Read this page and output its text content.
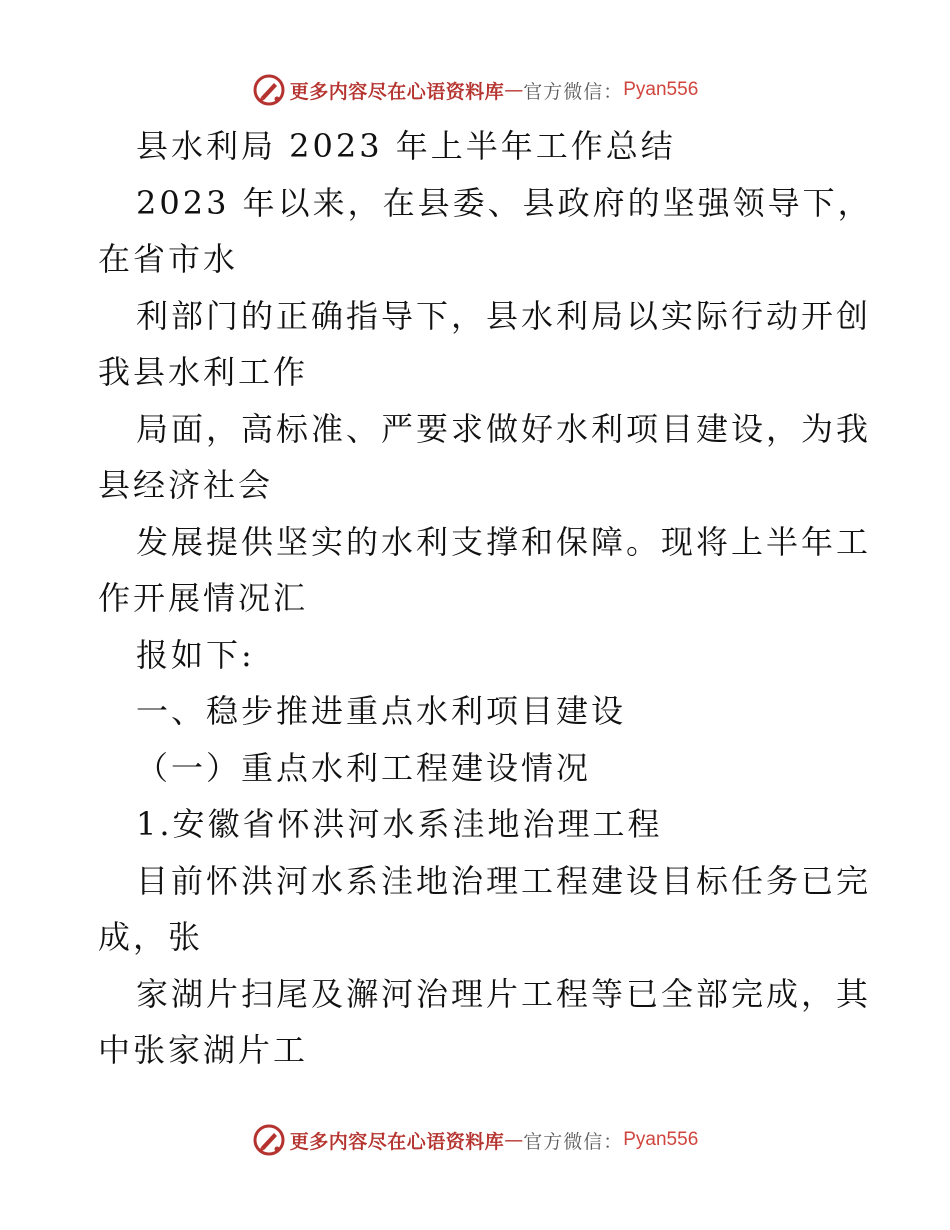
更多内容尽在心语资料库 — 官方微信： Pyan556
县水利局 2023 年上半年工作总结
2023 年以来，在县委、县政府的坚强领导下，
在省市水
利部门的正确指导下，县水利局以实际行动开创
我县水利工作
局面，高标准、严要求做好水利项目建设，为我
县经济社会
发展提供坚实的水利支撑和保障。现将上半年工
作开展情况汇
报如下:
一、稳步推进重点水利项目建设
（一）重点水利工程建设情况
1.安徽省怀洪河水系洼地治理工程
目前怀洪河水系洼地治理工程建设目标任务已完
成，张
家湖片扫尾及澥河治理片工程等已全部完成，其
中张家湖片工
更多内容尽在心语资料库 — 官方微信： Pyan556
